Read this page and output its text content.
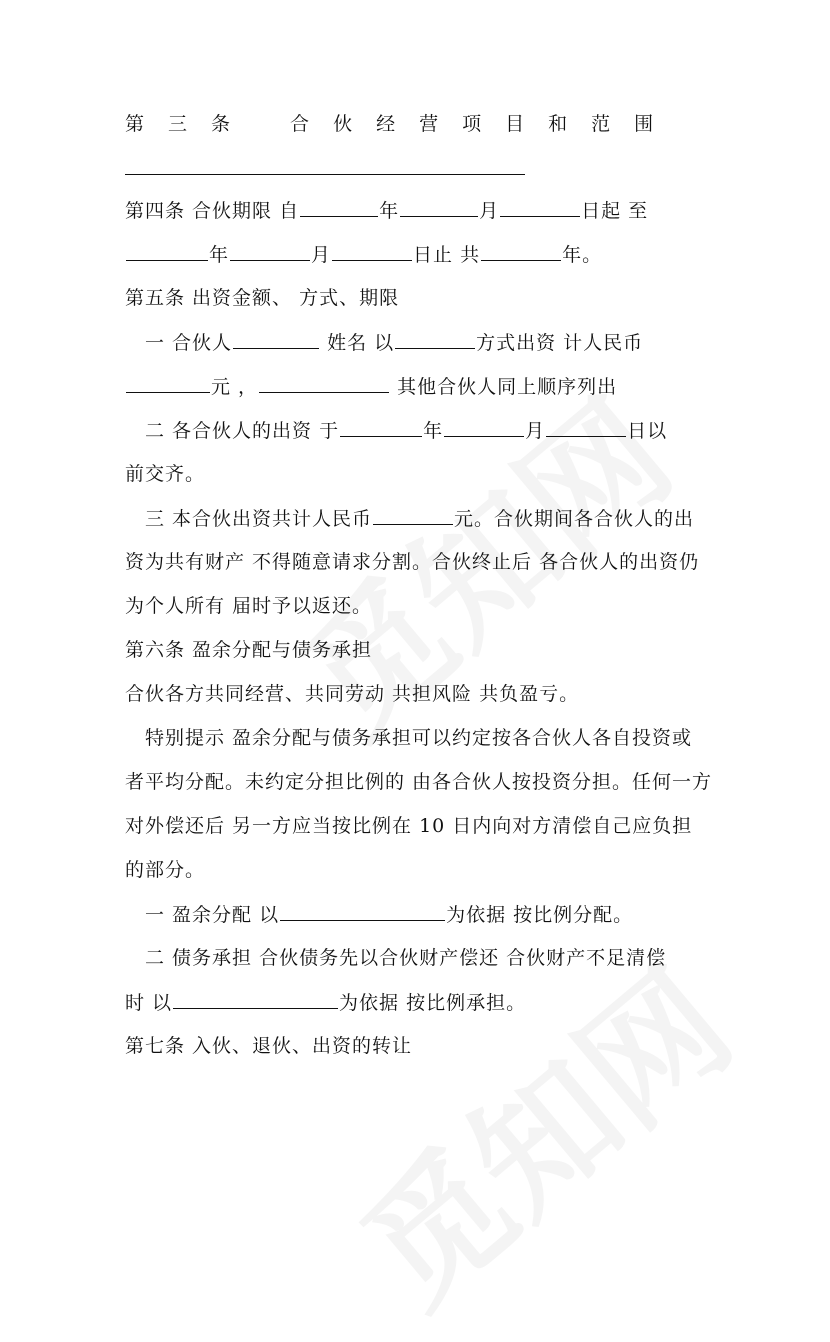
第 三 条	合 伙 经 营 项 目 和 范 围
第四条 合伙期限 自	年	月	日起 至
年	月	日止 共	年。
第五条 出资金额、 方式、期限
一 合伙人	姓名 以	方式出资 计人民币
元 ，	其他合伙人同上顺序列出
二 各合伙人的出资 于	年	月	日以
前交齐。
三 本合伙出资共计人民币	元。合伙期间各合伙人的出
资为共有财产 不得随意请求分割。合伙终止后 各合伙人的出资仍
为个人所有 届时予以返还。
第六条 盈余分配与债务承担
合伙各方共同经营、共同劳动 共担风险 共负盈亏。
特别提示 盈余分配与债务承担可以约定按各合伙人各自投资或
者平均分配。未约定分担比例的 由各合伙人按投资分担。任何一方
对外偿还后 另一方应当按比例在 10 日内向对方清偿自己应负担
的部分。
一 盈余分配 以	为依据 按比例分配。
二 债务承担 合伙债务先以合伙财产偿还 合伙财产不足清偿
时 以	为依据 按比例承担。
第七条 入伙、退伙、出资的转让
